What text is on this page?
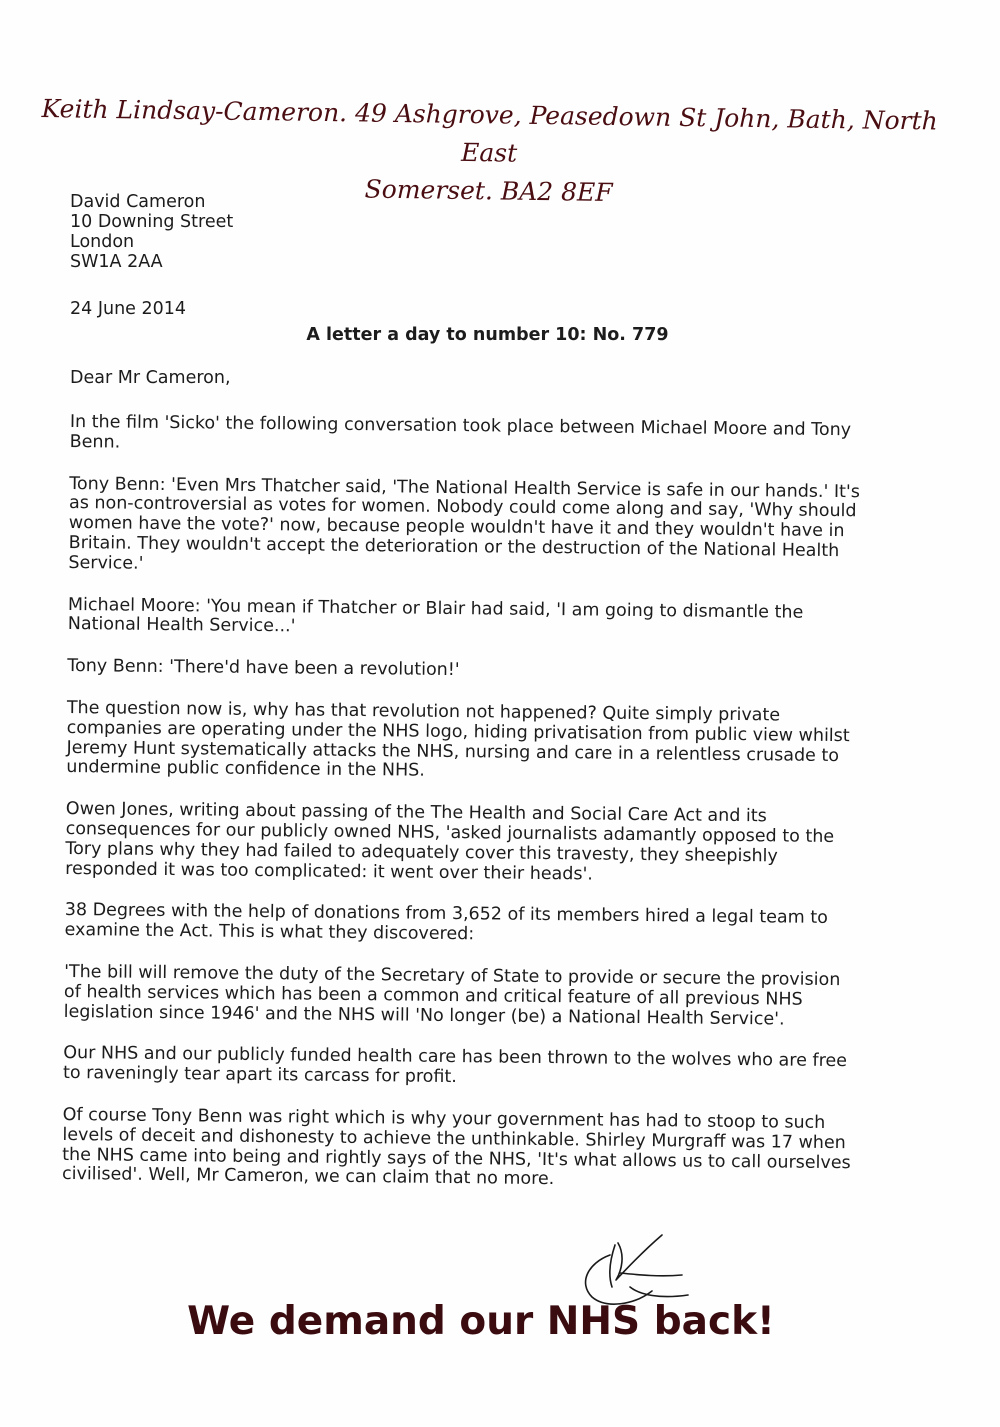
Keith Lindsay-Cameron. 49 Ashgrove, Peasedown St John, Bath, North East
Somerset. BA2 8EF
David Cameron
10 Downing Street
London
SW1A 2AA
24 June 2014
A letter a day to number 10: No. 779
Dear Mr Cameron,

In the film 'Sicko' the following conversation took place between Michael Moore and Tony
Benn.

Tony Benn: 'Even Mrs Thatcher said, 'The National Health Service is safe in our hands.' It's
as non-controversial as votes for women. Nobody could come along and say, 'Why should
women have the vote?' now, because people wouldn't have it and they wouldn't have in
Britain. They wouldn't accept the deterioration or the destruction of the National Health
Service.'

Michael Moore: 'You mean if Thatcher or Blair had said, 'I am going to dismantle the
National Health Service...'

Tony Benn: 'There'd have been a revolution!'

The question now is, why has that revolution not happened? Quite simply private
companies are operating under the NHS logo, hiding privatisation from public view whilst
Jeremy Hunt systematically attacks the NHS, nursing and care in a relentless crusade to
undermine public confidence in the NHS.

Owen Jones, writing about passing of the The Health and Social Care Act and its
consequences for our publicly owned NHS, 'asked journalists adamantly opposed to the
Tory plans why they had failed to adequately cover this travesty, they sheepishly
responded it was too complicated: it went over their heads'.

38 Degrees with the help of donations from 3,652 of its members hired a legal team to
examine the Act. This is what they discovered:

'The bill will remove the duty of the Secretary of State to provide or secure the provision
of health services which has been a common and critical feature of all previous NHS
legislation since 1946' and the NHS will 'No longer (be) a National Health Service'.

Our NHS and our publicly funded health care has been thrown to the wolves who are free
to raveningly tear apart its carcass for profit.

Of course Tony Benn was right which is why your government has had to stoop to such
levels of deceit and dishonesty to achieve the unthinkable. Shirley Murgraff was 17 when
the NHS came into being and rightly says of the NHS, 'It's what allows us to call ourselves
civilised'. Well, Mr Cameron, we can claim that no more.

We demand our NHS back!
